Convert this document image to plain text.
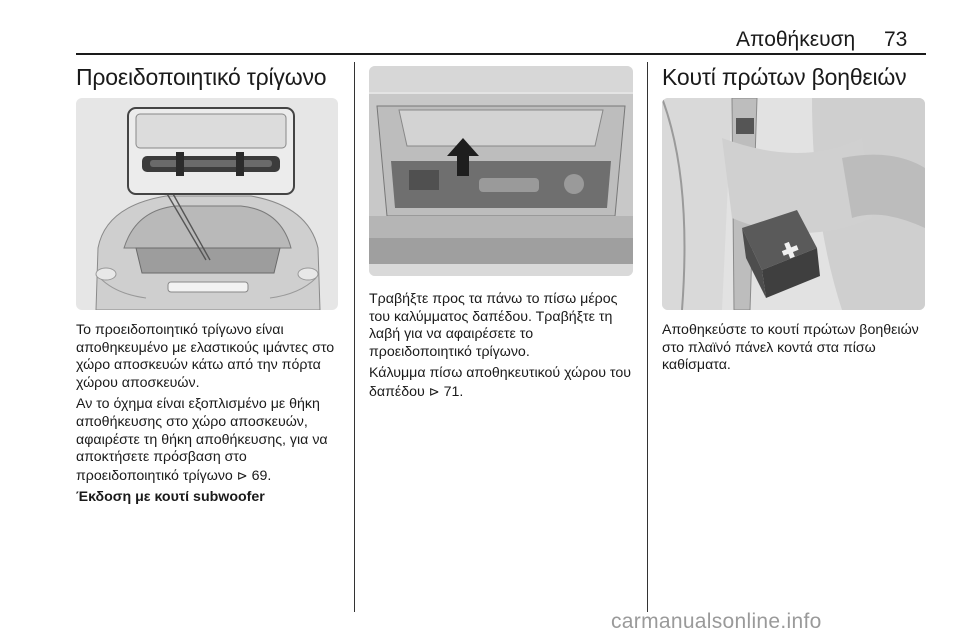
Αποθήκευση 73
Προειδοποιητικό τρίγωνο

Το προειδοποιητικό τρίγωνο είναι αποθηκευμένο με ελαστικούς ιμάντες στο χώρο αποσκευών κάτω από την πόρτα χώρου αποσκευών.

Αν το όχημα είναι εξοπλισμένο με θήκη αποθήκευσης στο χώρο αποσκευών, αφαιρέστε τη θήκη αποθήκευσης, για να αποκτήσετε πρόσβαση στο προειδοποιητικό τρίγωνο ⊳ 69.

Έκδοση με κουτί subwoofer

Τραβήξτε προς τα πάνω το πίσω μέρος του καλύμματος δαπέδου. Τραβήξτε τη λαβή για να αφαιρέσετε το προειδοποιητικό τρίγωνο.

Κάλυμμα πίσω αποθηκευτικού χώρου του δαπέδου ⊳ 71.

Κουτί πρώτων βοηθειών

Αποθηκεύστε το κουτί πρώτων βοηθειών στο πλαϊνό πάνελ κοντά στα πίσω καθίσματα.

carmanualsonline.info
